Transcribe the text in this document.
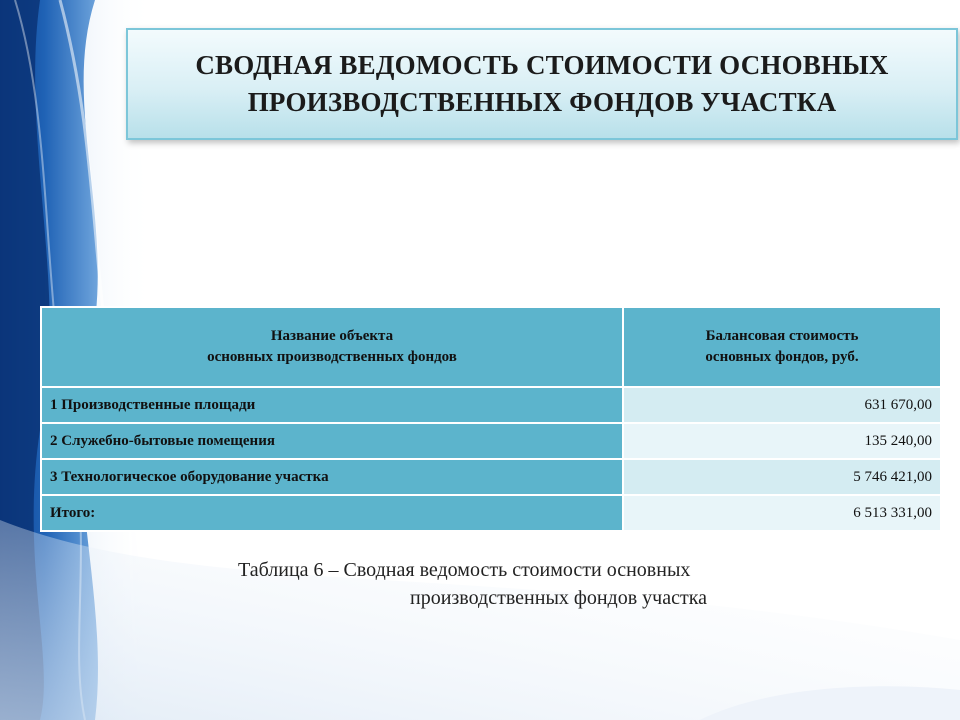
СВОДНАЯ ВЕДОМОСТЬ СТОИМОСТИ ОСНОВНЫХ
ПРОИЗВОДСТВЕННЫХ ФОНДОВ УЧАСТКА
Название объекта
основных производственных фондов	Балансовая стоимость
основных фондов, руб.

1 Производственные площади	631 670,00
2 Служебно-бытовые помещения	135 240,00
3 Технологическое оборудование участка	5 746 421,00
Итого:	6 513 331,00
Таблица 6 – Сводная ведомость стоимости основных
производственных фондов участка
